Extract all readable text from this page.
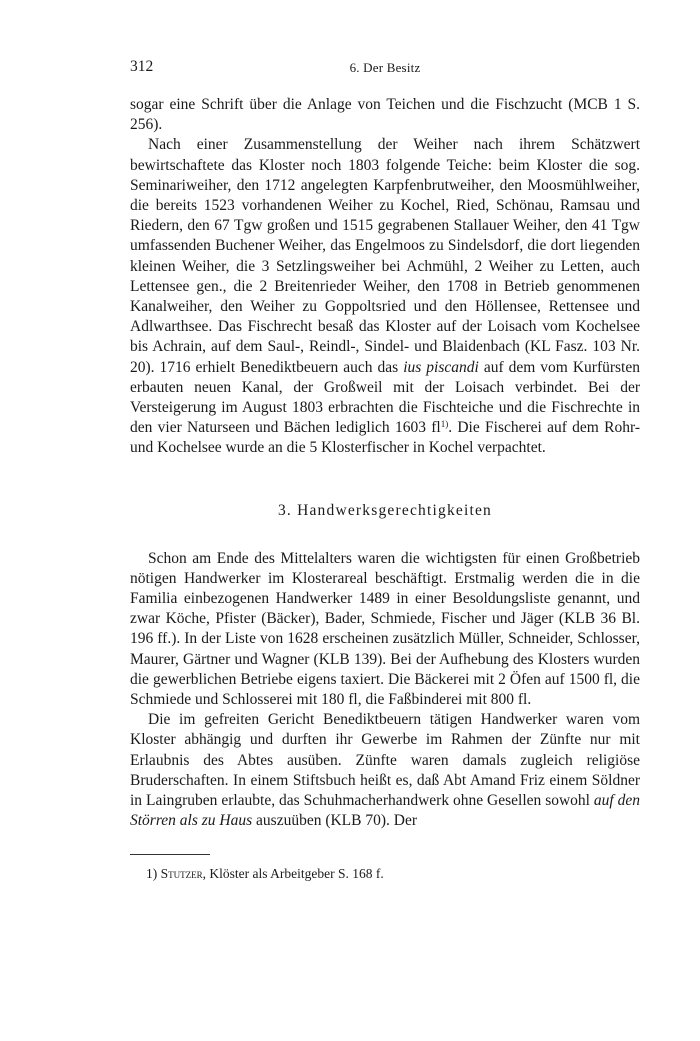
312	6. Der Besitz

sogar eine Schrift über die Anlage von Teichen und die Fischzucht (MCB 1 S. 256).

Nach einer Zusammenstellung der Weiher nach ihrem Schätzwert bewirtschaftete das Kloster noch 1803 folgende Teiche: beim Kloster die sog. Seminariweiher, den 1712 angelegten Karpfenbrutweiher, den Moosmühlweiher, die bereits 1523 vorhandenen Weiher zu Kochel, Ried, Schönau, Ramsau und Riedern, den 67 Tgw großen und 1515 gegrabenen Stallauer Weiher, den 41 Tgw umfassenden Buchener Weiher, das Engelmoos zu Sindelsdorf, die dort liegenden kleinen Weiher, die 3 Setzlingsweiher bei Achmühl, 2 Weiher zu Letten, auch Lettensee gen., die 2 Breitenrieder Weiher, den 1708 in Betrieb genommenen Kanalweiher, den Weiher zu Goppoltsried und den Höllensee, Rettensee und Adlwarthsee. Das Fischrecht besaß das Kloster auf der Loisach vom Kochelsee bis Achrain, auf dem Saul-, Reindl-, Sindel- und Blaidenbach (KL Fasz. 103 Nr. 20). 1716 erhielt Benediktbeuern auch das ius piscandi auf dem vom Kurfürsten erbauten neuen Kanal, der Großweil mit der Loisach verbindet. Bei der Versteigerung im August 1803 erbrachten die Fischteiche und die Fischrechte in den vier Naturseen und Bächen lediglich 1603 $fl^{1)}$. Die Fischerei auf dem Rohr- und Kochelsee wurde an die 5 Klosterfischer in Kochel verpachtet.

3. Handwerksgerechtigkeiten

Schon am Ende des Mittelalters waren die wichtigsten für einen Großbetrieb nötigen Handwerker im Klosterareal beschäftigt. Erstmalig werden die in die Familia einbezogenen Handwerker 1489 in einer Besoldungsliste genannt, und zwar Köche, Pfister (Bäcker), Bader, Schmiede, Fischer und Jäger (KLB 36 Bl. 196 ff.). In der Liste von 1628 erscheinen zusätzlich Müller, Schneider, Schlosser, Maurer, Gärtner und Wagner (KLB 139). Bei der Aufhebung des Klosters wurden die gewerblichen Betriebe eigens taxiert. Die Bäckerei mit 2 Öfen auf 1500 fl, die Schmiede und Schlosserei mit 180 fl, die Faßbinderei mit 800 fl.

Die im gefreiten Gericht Benediktbeuern tätigen Handwerker waren vom Kloster abhängig und durften ihr Gewerbe im Rahmen der Zünfte nur mit Erlaubnis des Abtes ausüben. Zünfte waren damals zugleich religiöse Bruderschaften. In einem Stiftsbuch heißt es, daß Abt Amand Friz einem Söldner in Laingruben erlaubte, das Schuhmacherhandwerk ohne Gesellen sowohl auf den Störren als zu Haus auszuüben (KLB 70). Der

1) Stutzer, Klöster als Arbeitgeber S. 168 f.
